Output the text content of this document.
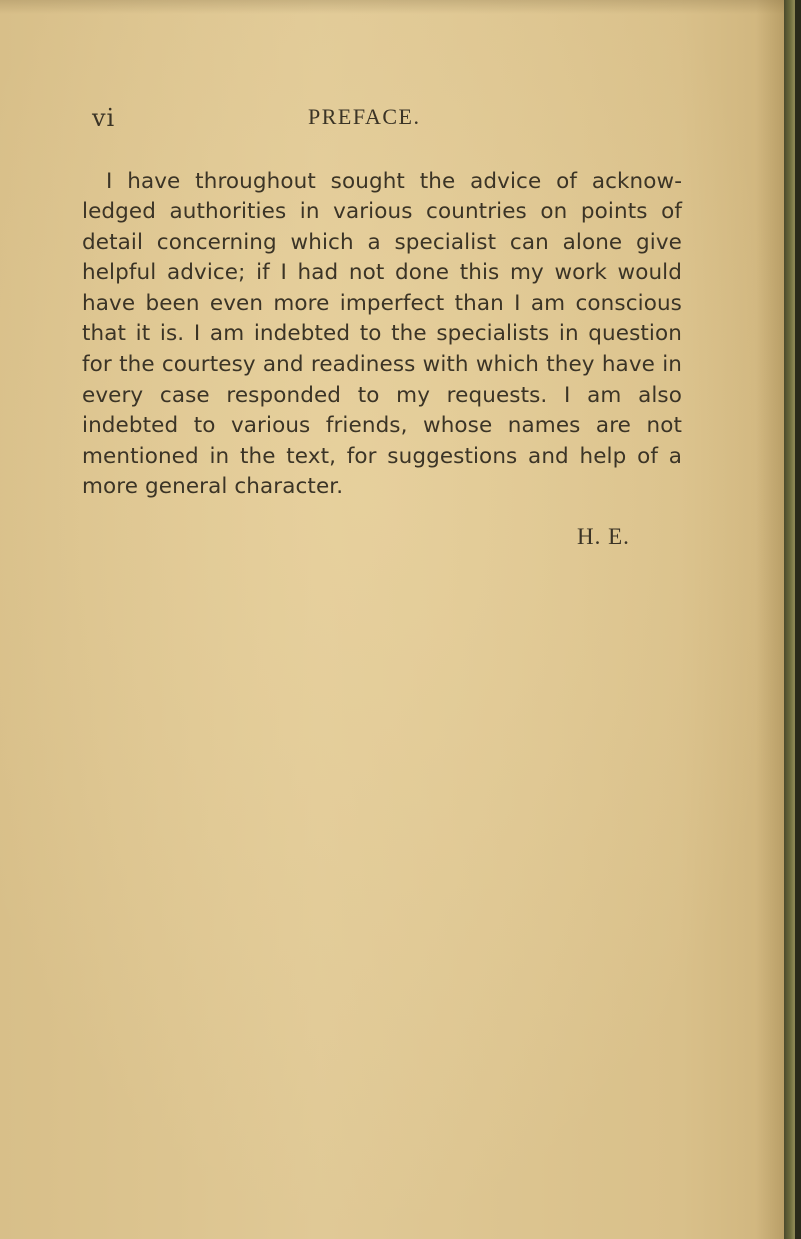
vi	PREFACE.

I have throughout sought the advice of acknowledged authorities in various countries on points of detail concerning which a specialist can alone give helpful advice; if I had not done this my work would have been even more imperfect than I am conscious that it is. I am indebted to the specialists in question for the courtesy and readiness with which they have in every case responded to my requests. I am also indebted to various friends, whose names are not mentioned in the text, for suggestions and help of a more general character.

H. E.
